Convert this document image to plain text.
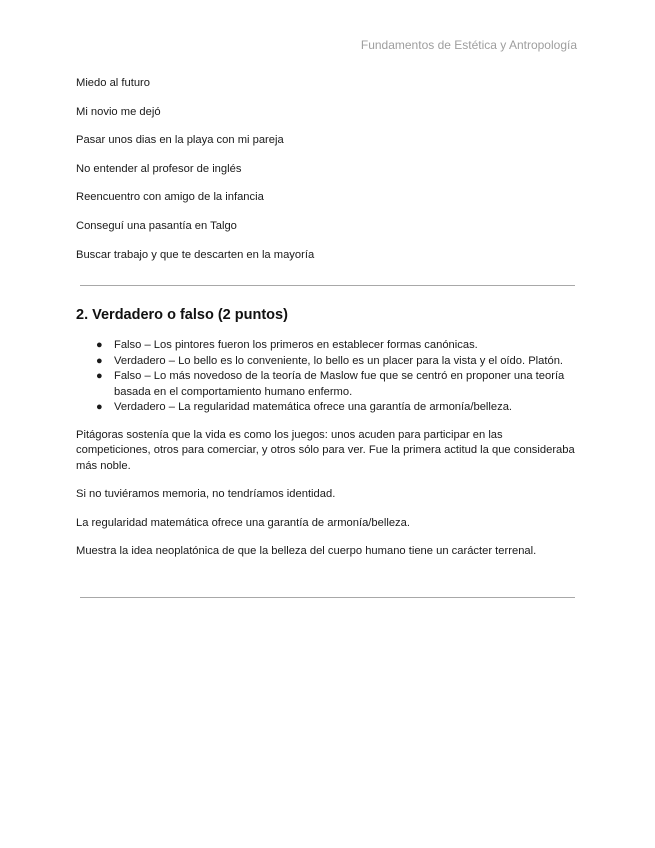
Fundamentos de Estética y Antropología

Miedo al futuro

Mi novio me dejó

Pasar unos dias en la playa con mi pareja

No entender al profesor de inglés

Reencuentro con amigo de la infancia

Conseguí una pasantía en Talgo

Buscar trabajo y que te descarten en la mayoría

2. Verdadero o falso (2 puntos)
● Falso – Los pintores fueron los primeros en establecer formas canónicas.
● Verdadero – Lo bello es lo conveniente, lo bello es un placer para la vista y el oído. Platón.
● Falso – Lo más novedoso de la teoría de Maslow fue que se centró en proponer una teoría basada en el comportamiento humano enfermo.
● Verdadero – La regularidad matemática ofrece una garantía de armonía/belleza.

Pitágoras sostenía que la vida es como los juegos: unos acuden para participar en las competiciones, otros para comerciar, y otros sólo para ver. Fue la primera actitud la que consideraba más noble.

Si no tuviéramos memoria, no tendríamos identidad.

La regularidad matemática ofrece una garantía de armonía/belleza.

Muestra la idea neoplatónica de que la belleza del cuerpo humano tiene un carácter terrenal.
